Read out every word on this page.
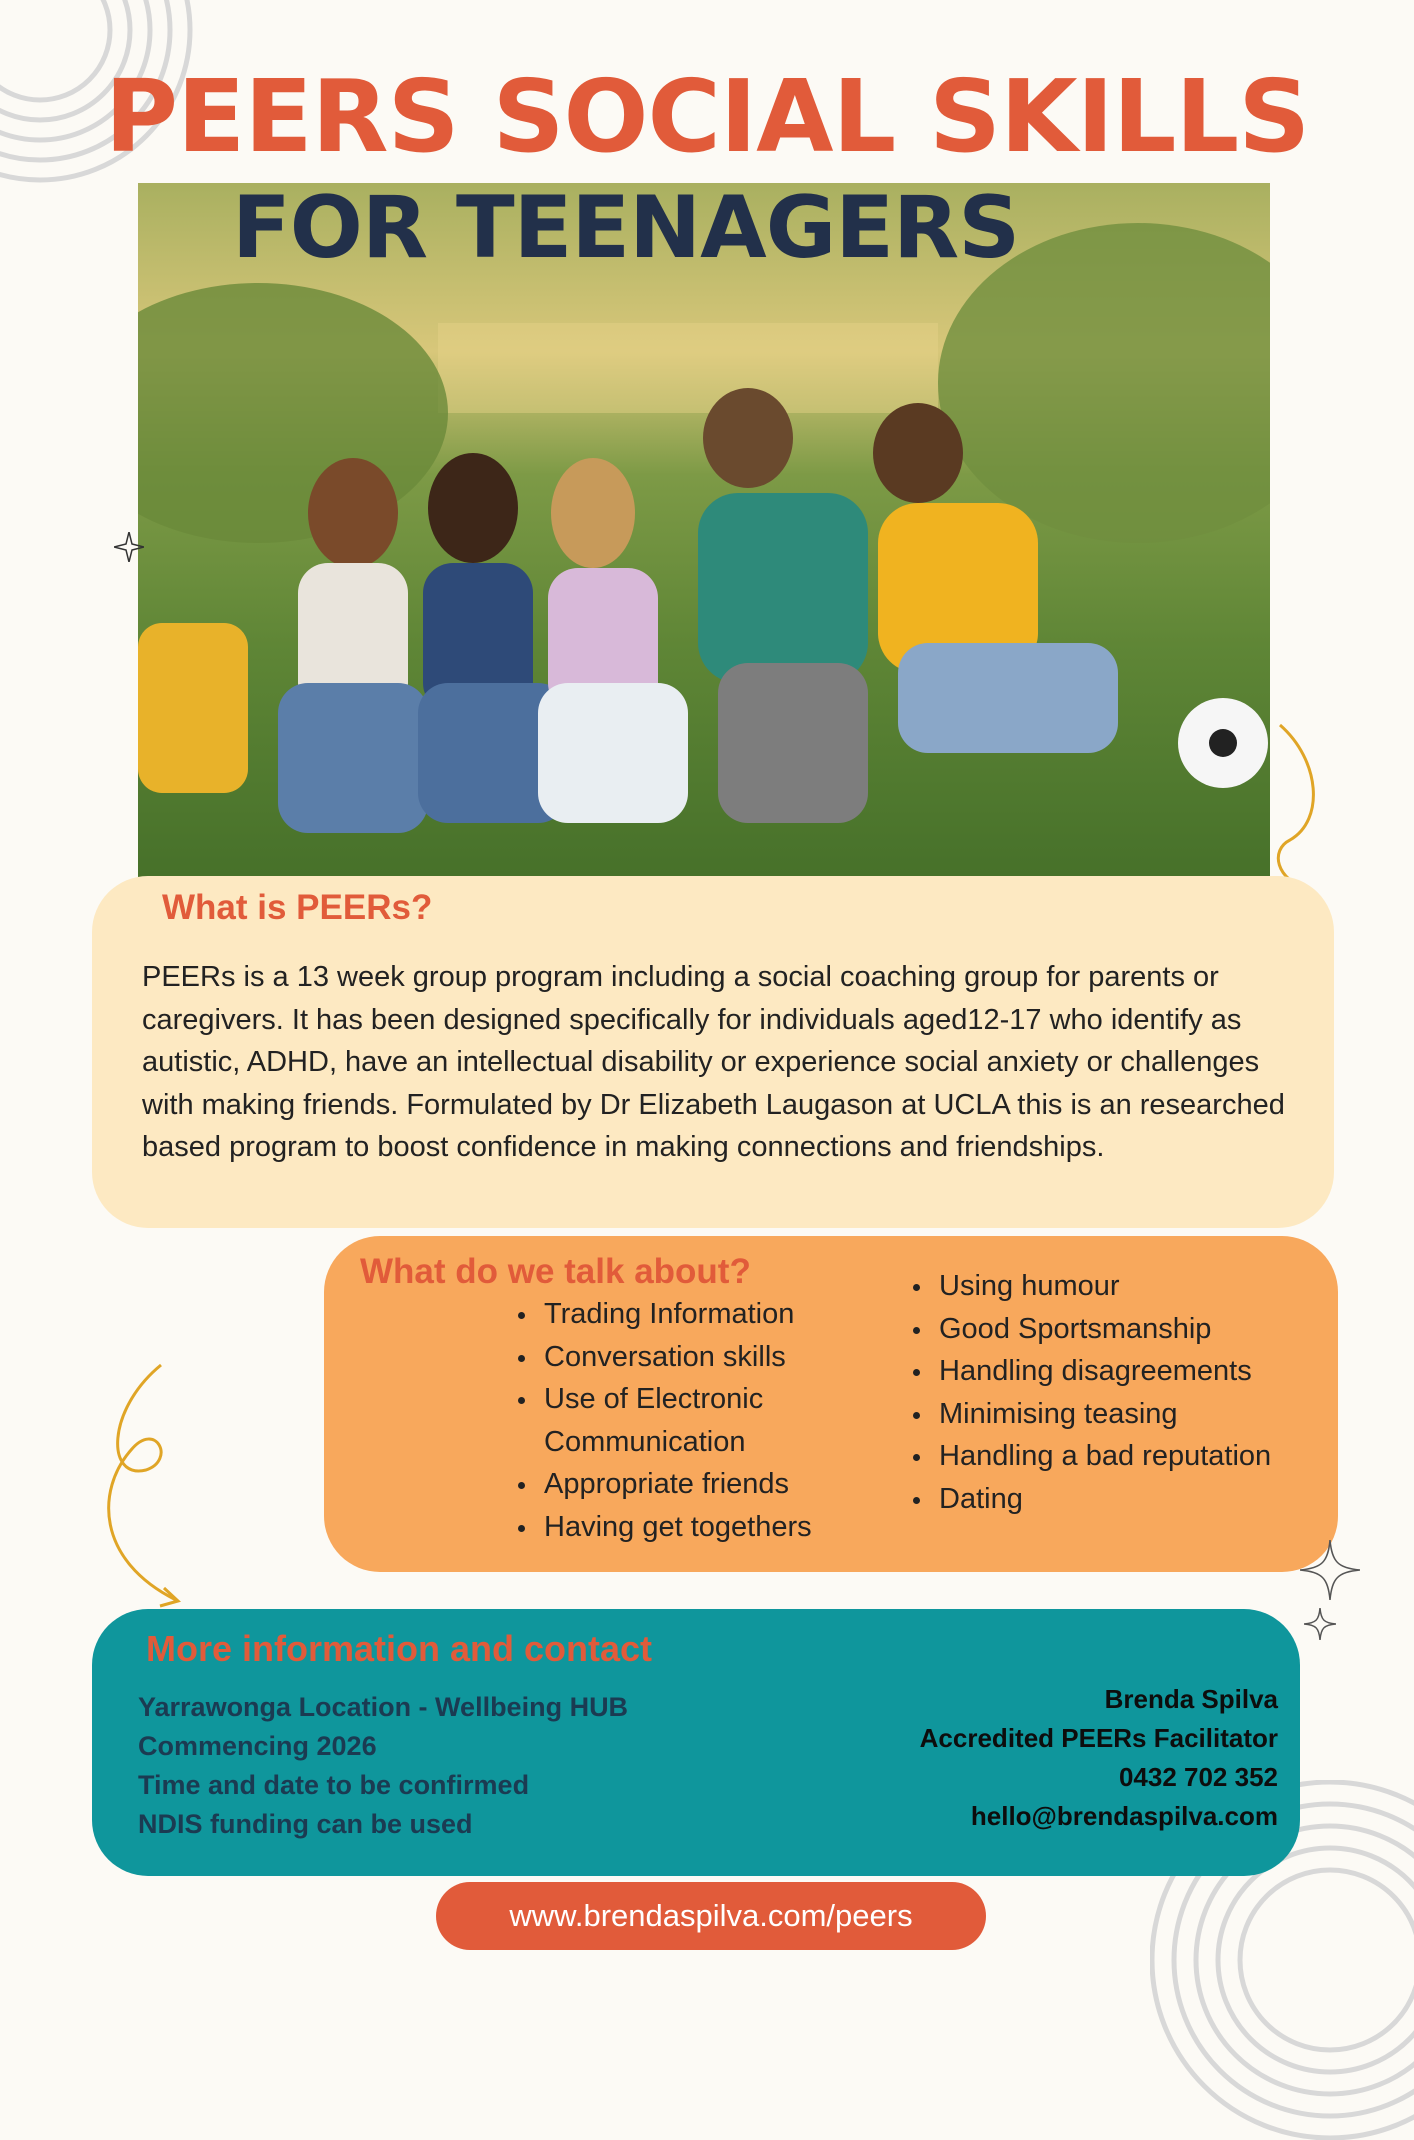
PEERS SOCIAL SKILLS
FOR TEENAGERS
What is PEERs?
PEERs is a 13 week group program including a social coaching group for parents or caregivers. It has been designed specifically for individuals aged12-17 who identify as autistic, ADHD, have an intellectual disability or experience social anxiety or challenges with making friends. Formulated by Dr Elizabeth Laugason at UCLA this is an researched based program to boost confidence in making connections and friendships.
What do we talk about?
Trading Information
Conversation skills
Use of Electronic Communication
Appropriate friends
Having get togethers
Using humour
Good Sportsmanship
Handling disagreements
Minimising teasing
Handling a bad reputation
Dating
More information and contact
Yarrawonga Location - Wellbeing HUB
Commencing 2026
Time and date to be confirmed
NDIS funding can be used
Brenda Spilva
Accredited PEERs Facilitator
0432 702 352
hello@brendaspilva.com
www.brendaspilva.com/peers
